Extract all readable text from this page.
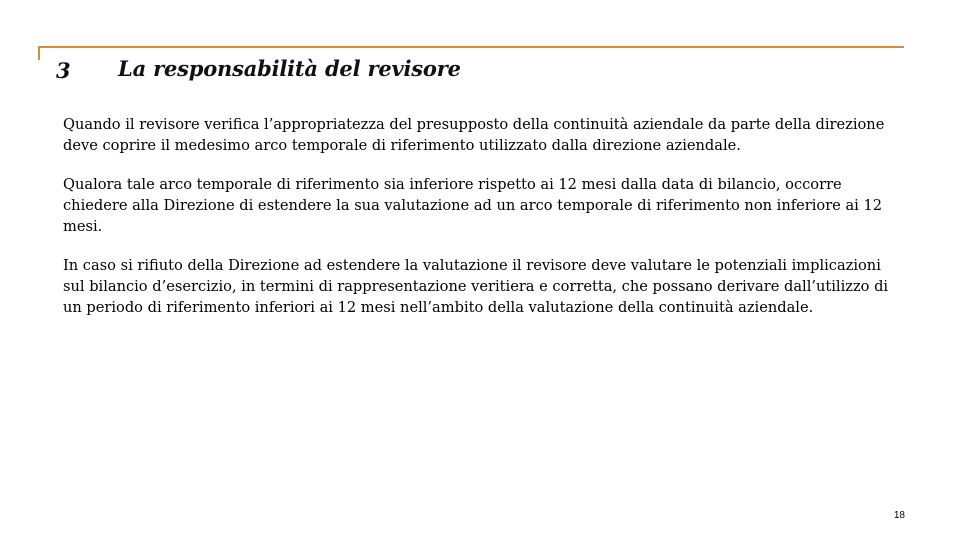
3 La responsabilità del revisore

Quando il revisore verifica l’appropriatezza del presupposto della continuità aziendale da parte della direzione deve coprire il medesimo arco temporale di riferimento utilizzato dalla direzione aziendale.

Qualora tale arco temporale di riferimento sia inferiore rispetto ai 12 mesi dalla data di bilancio, occorre chiedere alla Direzione di estendere la sua valutazione ad un arco temporale di riferimento non inferiore ai 12 mesi.

In caso si rifiuto della Direzione ad estendere la valutazione il revisore deve valutare le potenziali implicazioni sul bilancio d’esercizio, in termini di rappresentazione veritiera e corretta, che possano derivare dall’utilizzo di un periodo di riferimento inferiori ai 12 mesi nell’ambito della valutazione della continuità aziendale.

18
